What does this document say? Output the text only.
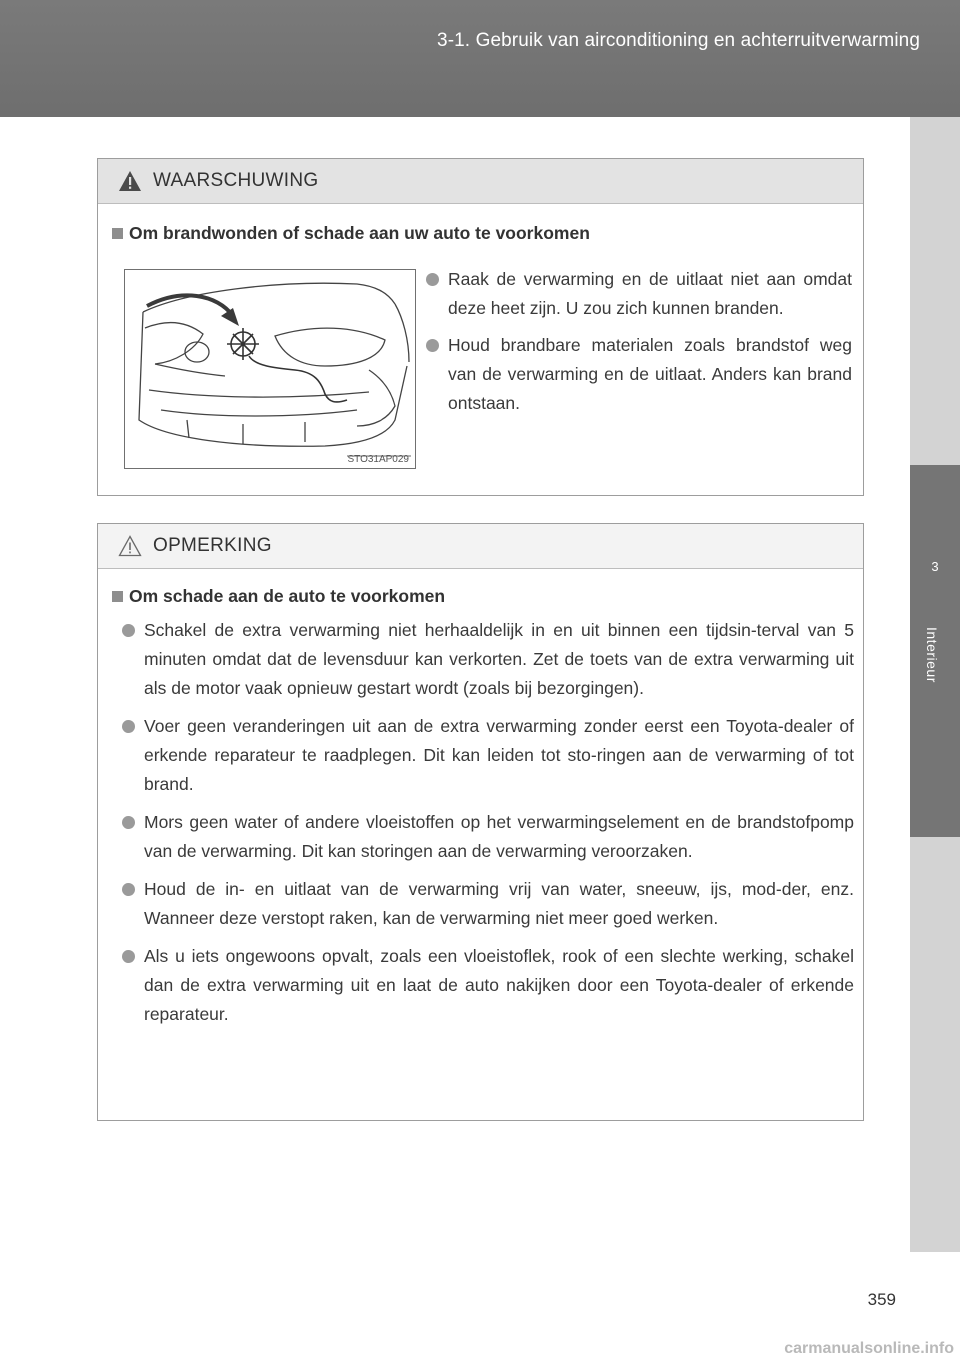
3-1. Gebruik van airconditioning en achterruitverwarming
3
Interieur
WAARSCHUWING
Om brandwonden of schade aan uw auto te voorkomen
STO31AP029
Raak de verwarming en de uitlaat niet aan omdat deze heet zijn. U zou zich kunnen branden.
Houd brandbare materialen zoals brandstof weg van de verwarming en de uitlaat. Anders kan brand ontstaan.
OPMERKING
Om schade aan de auto te voorkomen
Schakel de extra verwarming niet herhaaldelijk in en uit binnen een tijdsin-terval van 5 minuten omdat dat de levensduur kan verkorten. Zet de toets van de extra verwarming uit als de motor vaak opnieuw gestart wordt (zoals bij bezorgingen).
Voer geen veranderingen uit aan de extra verwarming zonder eerst een Toyota-dealer of erkende reparateur te raadplegen. Dit kan leiden tot sto-ringen aan de verwarming of tot brand.
Mors geen water of andere vloeistoffen op het verwarmingselement en de brandstofpomp van de verwarming. Dit kan storingen aan de verwarming veroorzaken.
Houd de in- en uitlaat van de verwarming vrij van water, sneeuw, ijs, mod-der, enz. Wanneer deze verstopt raken, kan de verwarming niet meer goed werken.
Als u iets ongewoons opvalt, zoals een vloeistoflek, rook of een slechte werking, schakel dan de extra verwarming uit en laat de auto nakijken door een Toyota-dealer of erkende reparateur.
359
carmanualsonline.info
